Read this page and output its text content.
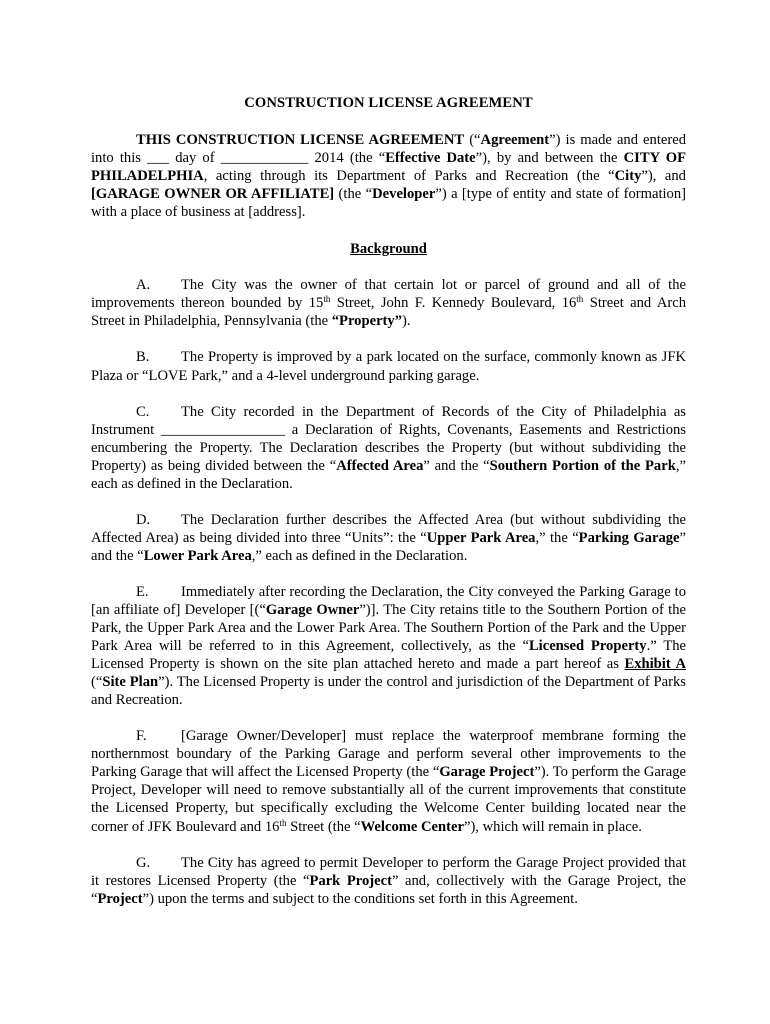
CONSTRUCTION LICENSE AGREEMENT

THIS CONSTRUCTION LICENSE AGREEMENT (“Agreement”) is made and entered into this ___ day of ____________ 2014 (the “Effective Date”), by and between the CITY OF PHILADELPHIA, acting through its Department of Parks and Recreation (the “City”), and [GARAGE OWNER OR AFFILIATE] (the “Developer”) a [type of entity and state of formation] with a place of business at [address].

Background

A. The City was the owner of that certain lot or parcel of ground and all of the improvements thereon bounded by 15th Street, John F. Kennedy Boulevard, 16th Street and Arch Street in Philadelphia, Pennsylvania (the “Property”).

B. The Property is improved by a park located on the surface, commonly known as JFK Plaza or “LOVE Park,” and a 4-level underground parking garage.

C. The City recorded in the Department of Records of the City of Philadelphia as Instrument _________________ a Declaration of Rights, Covenants, Easements and Restrictions encumbering the Property. The Declaration describes the Property (but without subdividing the Property) as being divided between the “Affected Area” and the “Southern Portion of the Park,” each as defined in the Declaration.

D. The Declaration further describes the Affected Area (but without subdividing the Affected Area) as being divided into three “Units”: the “Upper Park Area,” the “Parking Garage” and the “Lower Park Area,” each as defined in the Declaration.

E. Immediately after recording the Declaration, the City conveyed the Parking Garage to [an affiliate of] Developer [(“Garage Owner”)]. The City retains title to the Southern Portion of the Park, the Upper Park Area and the Lower Park Area. The Southern Portion of the Park and the Upper Park Area will be referred to in this Agreement, collectively, as the “Licensed Property.” The Licensed Property is shown on the site plan attached hereto and made a part hereof as Exhibit A (“Site Plan”). The Licensed Property is under the control and jurisdiction of the Department of Parks and Recreation.

F. [Garage Owner/Developer] must replace the waterproof membrane forming the northernmost boundary of the Parking Garage and perform several other improvements to the Parking Garage that will affect the Licensed Property (the “Garage Project”). To perform the Garage Project, Developer will need to remove substantially all of the current improvements that constitute the Licensed Property, but specifically excluding the Welcome Center building located near the corner of JFK Boulevard and 16th Street (the “Welcome Center”), which will remain in place.

G. The City has agreed to permit Developer to perform the Garage Project provided that it restores Licensed Property (the “Park Project” and, collectively with the Garage Project, the “Project”) upon the terms and subject to the conditions set forth in this Agreement.
